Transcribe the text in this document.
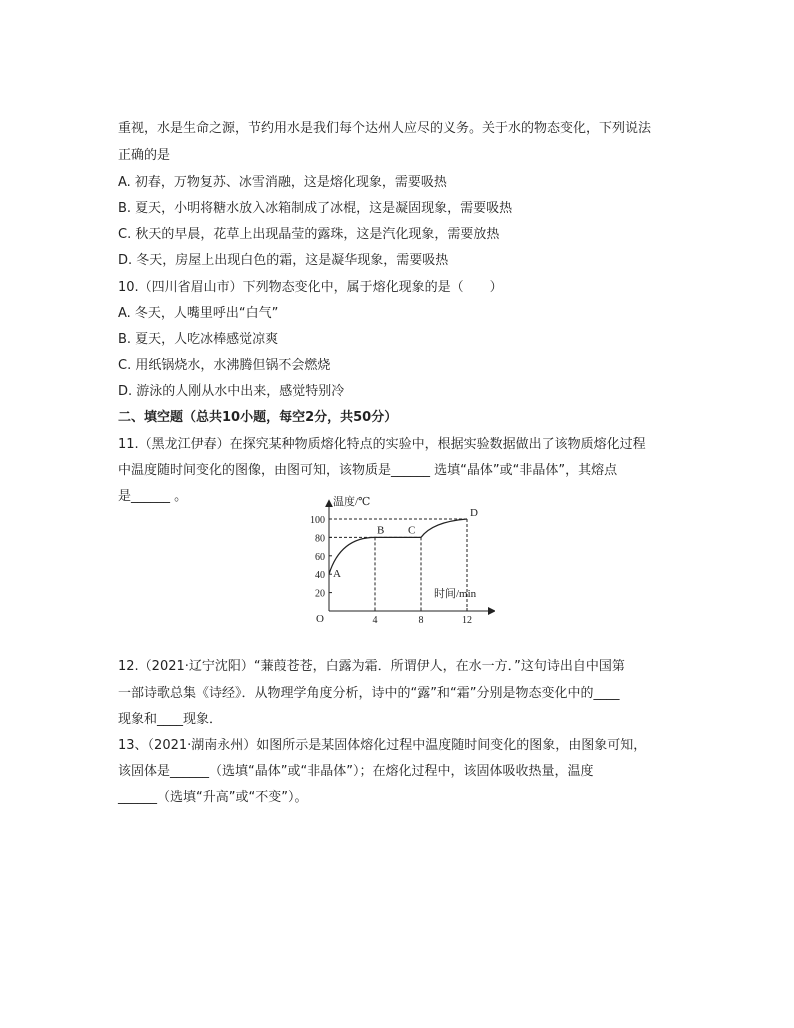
重视，水是生命之源，节约用水是我们每个达州人应尽的义务。关于水的物态变化，下列说法
正确的是
A. 初春，万物复苏、冰雪消融，这是熔化现象，需要吸热
B. 夏天，小明将糖水放入冰箱制成了冰棍，这是凝固现象，需要吸热
C. 秋天的早晨，花草上出现晶莹的露珠，这是汽化现象，需要放热
D. 冬天，房屋上出现白色的霜，这是凝华现象，需要吸热
10.（四川省眉山市）下列物态变化中，属于熔化现象的是（　　）
A. 冬天，人嘴里呼出“白气”
B. 夏天，人吃冰棒感觉凉爽
C. 用纸锅烧水，水沸腾但锅不会燃烧
D. 游泳的人刚从水中出来，感觉特别冷
二、填空题（总共10小题，每空2分，共50分）
11.（黑龙江伊春）在探究某种物质熔化特点的实验中，根据实验数据做出了该物质熔化过程
中温度随时间变化的图像，由图可知，该物质是______ 选填“晶体”或“非晶体”，其熔点
是______ 。	温度/℃
时间/min
O
20
40
60
80
100
4	8	12
A
B C
D
12.（2021·辽宁沈阳）“蒹葭苍苍，白露为霜．所谓伊人，在水一方．”这句诗出自中国第
一部诗歌总集《诗经》．从物理学角度分析，诗中的“露”和“霜”分别是物态变化中的____
现象和____现象．
13、（2021·湖南永州）如图所示是某固体熔化过程中温度随时间变化的图象，由图象可知，
该固体是______（选填“晶体”或“非晶体”）；在熔化过程中，该固体吸收热量，温度
______（选填“升高”或“不变”）。
